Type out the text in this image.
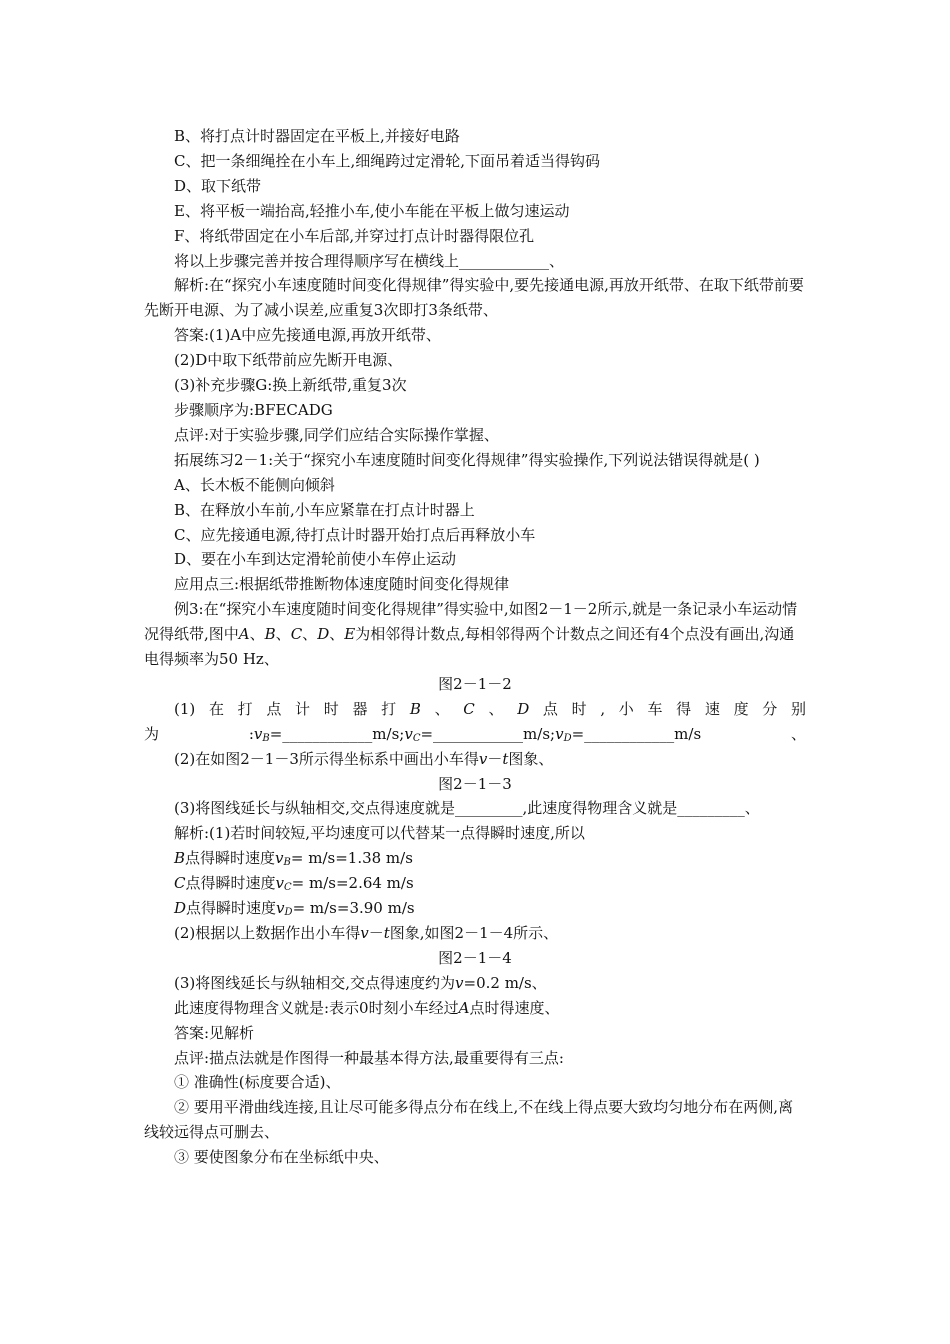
B、将打点计时器固定在平板上,并接好电路

C、把一条细绳拴在小车上,细绳跨过定滑轮,下面吊着适当得钩码

D、取下纸带

E、将平板一端抬高,轻推小车,使小车能在平板上做匀速运动

F、将纸带固定在小车后部,并穿过打点计时器得限位孔

将以上步骤完善并按合理得顺序写在横线上____________、

解析:在“探究小车速度随时间变化得规律”得实验中,要先接通电源,再放开纸带、在取下纸带前要先断开电源、为了减小误差,应重复3次即打3条纸带、

答案:(1)A中应先接通电源,再放开纸带、

(2)D中取下纸带前应先断开电源、

(3)补充步骤G:换上新纸带,重复3次

步骤顺序为:BFECADG

点评:对于实验步骤,同学们应结合实际操作掌握、

拓展练习2－1:关于“探究小车速度随时间变化得规律”得实验操作,下列说法错误得就是( )

A、长木板不能侧向倾斜

B、在释放小车前,小车应紧靠在打点计时器上

C、应先接通电源,待打点计时器开始打点后再释放小车

D、要在小车到达定滑轮前使小车停止运动

应用点三:根据纸带推断物体速度随时间变化得规律

例3:在“探究小车速度随时间变化得规律”得实验中,如图2－1－2所示,就是一条记录小车运动情况得纸带,图中A、B、C、D、E为相邻得计数点,每相邻得两个计数点之间还有4个点没有画出,沟通电得频率为50 Hz、

图2－1－2

(1)在打点计时器打B、C、D点时,小车得速度分别为$:v_B=\_\_\_\_\_\_\_\_\_\_\_\_m/s;v_C=\_\_\_\_\_\_\_\_\_\_\_\_m/s;v_D=\_\_\_\_\_\_\_\_\_\_\_\_m/s$、

(2)在如图2－1－3所示得坐标系中画出小车得v－t图象、

图2－1－3

(3)将图线延长与纵轴相交,交点得速度就是_________,此速度得物理含义就是_________、

解析:(1)若时间较短,平均速度可以代替某一点得瞬时速度,所以

B点得瞬时速度$v_B= m/s=1.38$ m/s

C点得瞬时速度$v_C= m/s=2.64$ m/s

D点得瞬时速度$v_D= m/s=3.90$ m/s

(2)根据以上数据作出小车得v－t图象,如图2－1－4所示、

图2－1－4

(3)将图线延长与纵轴相交,交点得速度约为v=0.2 m/s、

此速度得物理含义就是:表示0时刻小车经过A点时得速度、

答案:见解析

点评:描点法就是作图得一种最基本得方法,最重要得有三点:

① 准确性(标度要合适)、

② 要用平滑曲线连接,且让尽可能多得点分布在线上,不在线上得点要大致均匀地分布在两侧,离线较远得点可删去、

③ 要使图象分布在坐标纸中央、
